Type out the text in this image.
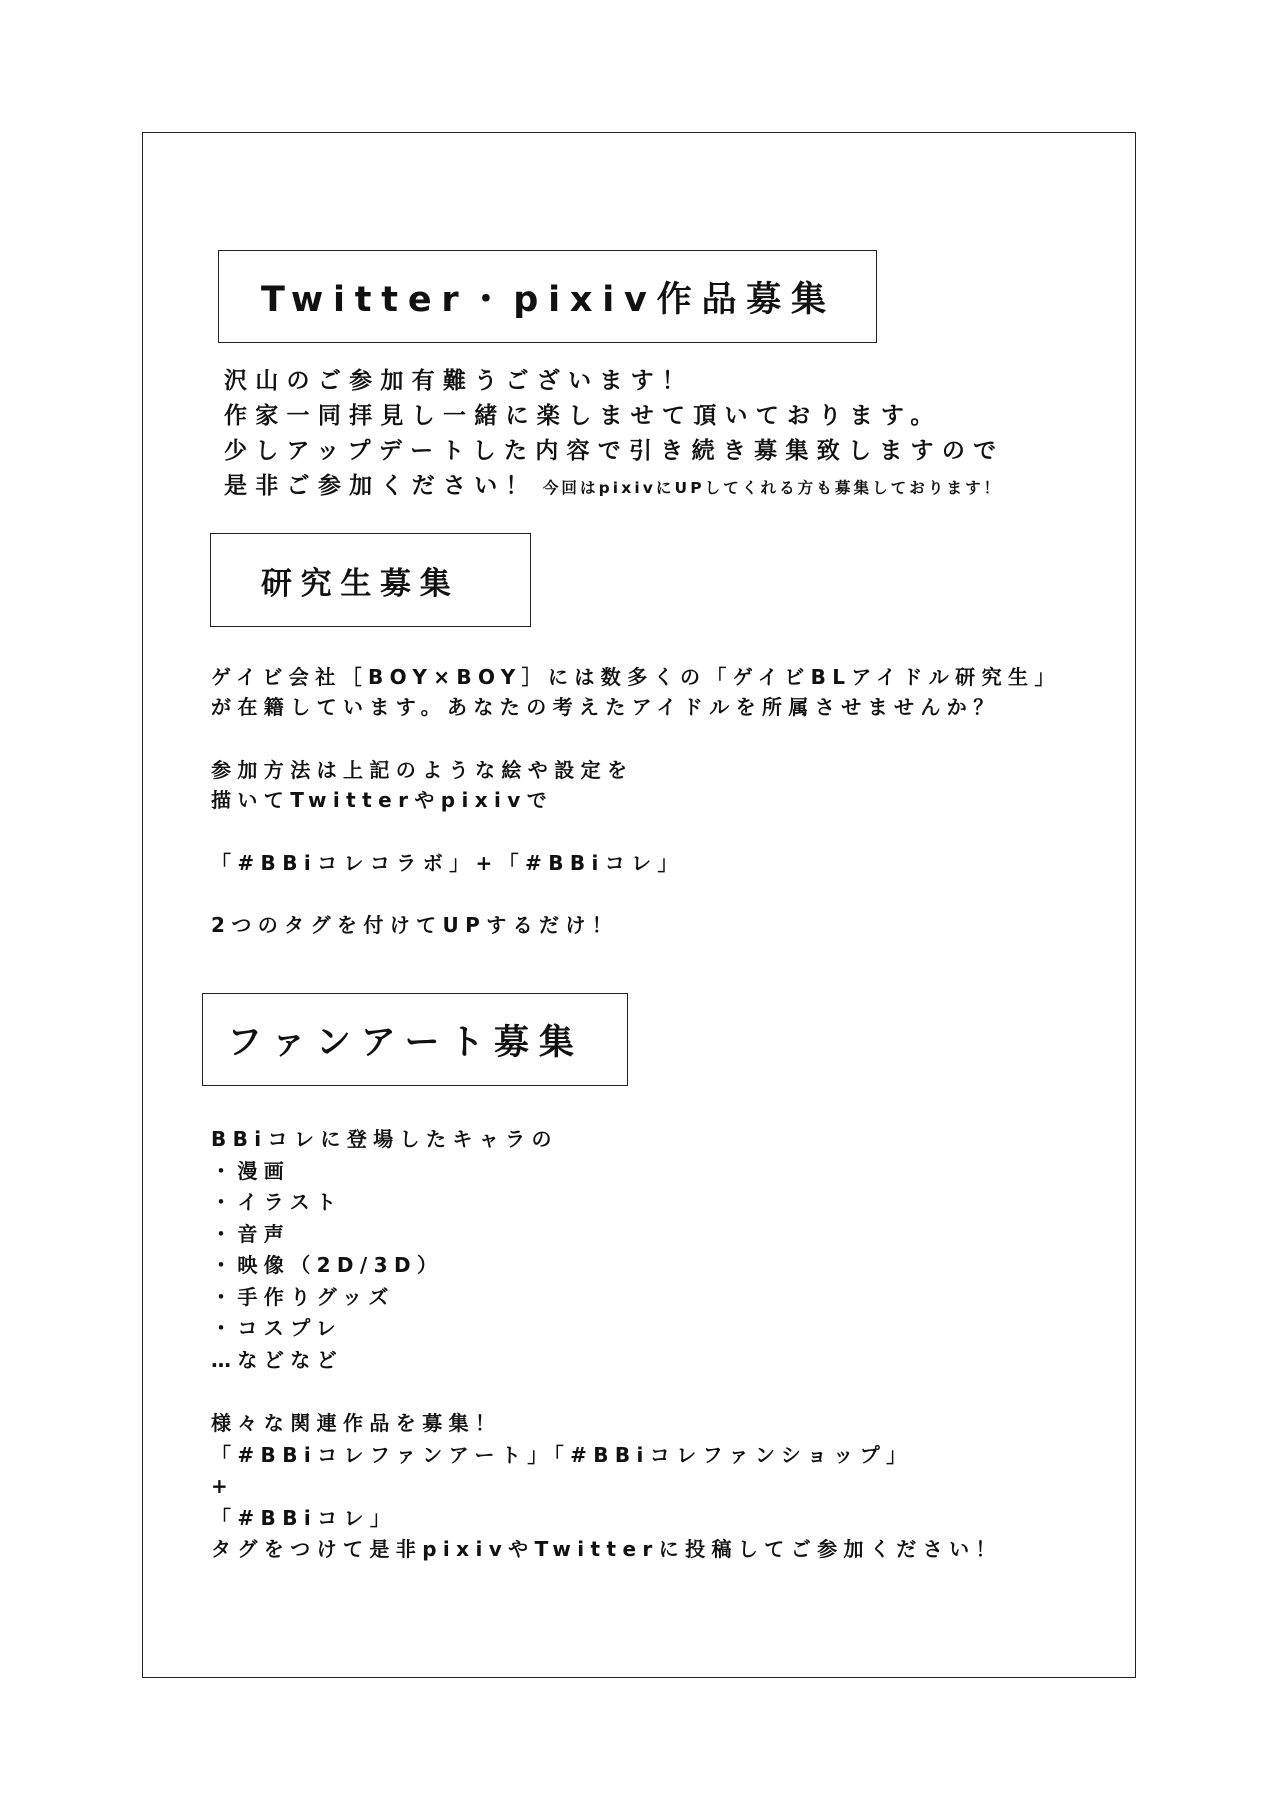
Twitter・pixiv作品募集
沢山のご参加有難うございます！
作家一同拝見し一緒に楽しませて頂いております。
少しアップデートした内容で引き続き募集致しますので
是非ご参加ください！ 今回はpixivにUPしてくれる方も募集しております！
研究生募集
ゲイビ会社［BOY×BOY］には数多くの「ゲイビBLアイドル研究生」
が在籍しています。あなたの考えたアイドルを所属させませんか？
参加方法は上記のような絵や設定を
描いてTwitterやpixivで
「#BBiコレコラボ」+「#BBiコレ」
2つのタグを付けてUPするだけ！
ファンアート募集
BBiコレに登場したキャラの
・漫画
・イラスト
・音声
・映像（2D/3D）
・手作りグッズ
・コスプレ
…などなど
様々な関連作品を募集！
「#BBiコレファンアート」「#BBiコレファンショップ」
+
「#BBiコレ」
タグをつけて是非pixivやTwitterに投稿してご参加ください！
